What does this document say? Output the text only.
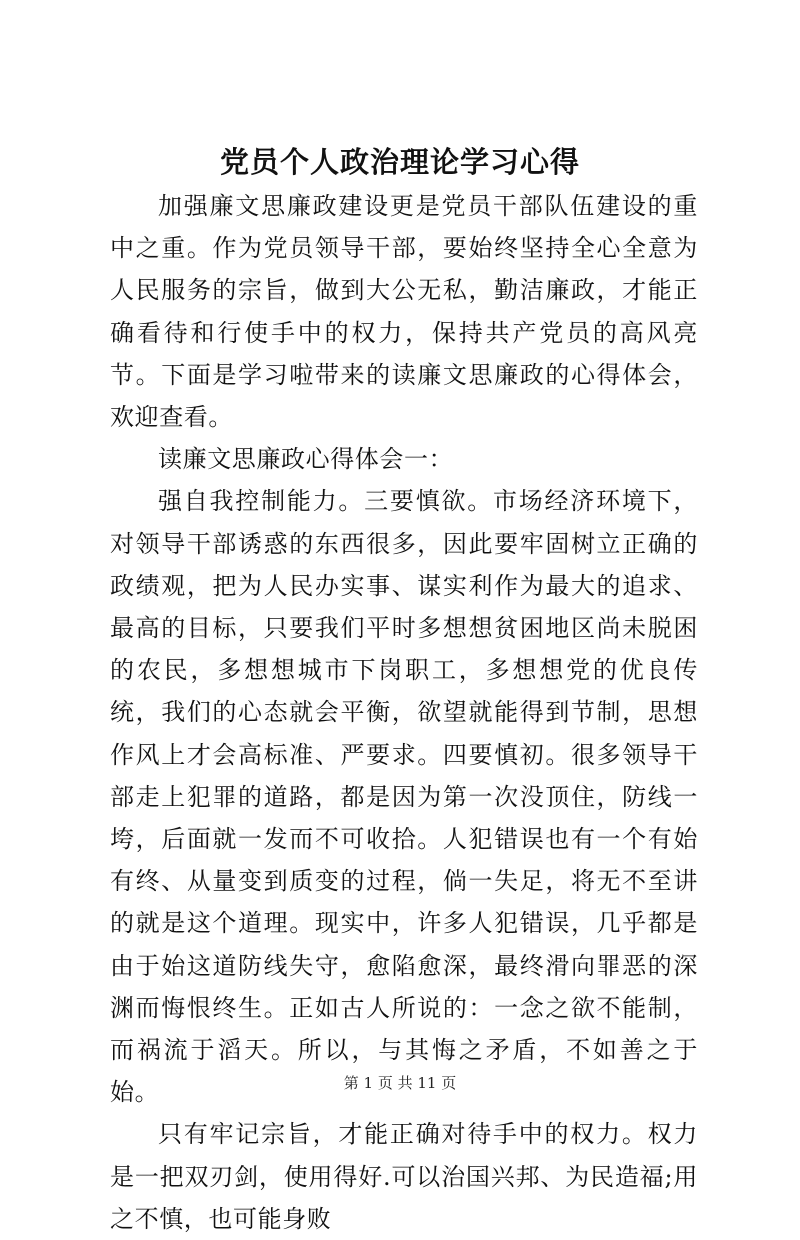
党员个人政治理论学习心得

加强廉文思廉政建设更是党员干部队伍建设的重中之重。作为党员领导干部，要始终坚持全心全意为人民服务的宗旨，做到大公无私，勤洁廉政，才能正确看待和行使手中的权力，保持共产党员的高风亮节。下面是学习啦带来的读廉文思廉政的心得体会，欢迎查看。

读廉文思廉政心得体会一：

强自我控制能力。三要慎欲。市场经济环境下，对领导干部诱惑的东西很多，因此要牢固树立正确的政绩观，把为人民办实事、谋实利作为最大的追求、最高的目标，只要我们平时多想想贫困地区尚未脱困的农民，多想想城市下岗职工，多想想党的优良传统，我们的心态就会平衡，欲望就能得到节制，思想作风上才会高标准、严要求。四要慎初。很多领导干部走上犯罪的道路，都是因为第一次没顶住，防线一垮，后面就一发而不可收拾。人犯错误也有一个有始有终、从量变到质变的过程，倘一失足，将无不至讲的就是这个道理。现实中，许多人犯错误，几乎都是由于始这道防线失守，愈陷愈深，最终滑向罪恶的深渊而悔恨终生。正如古人所说的：一念之欲不能制，而祸流于滔天。所以，与其悔之矛盾，不如善之于始。

只有牢记宗旨，才能正确对待手中的权力。权力是一把双刃剑，使用得好.可以治国兴邦、为民造福;用之不慎，也可能身败

第 1 页 共 11 页
